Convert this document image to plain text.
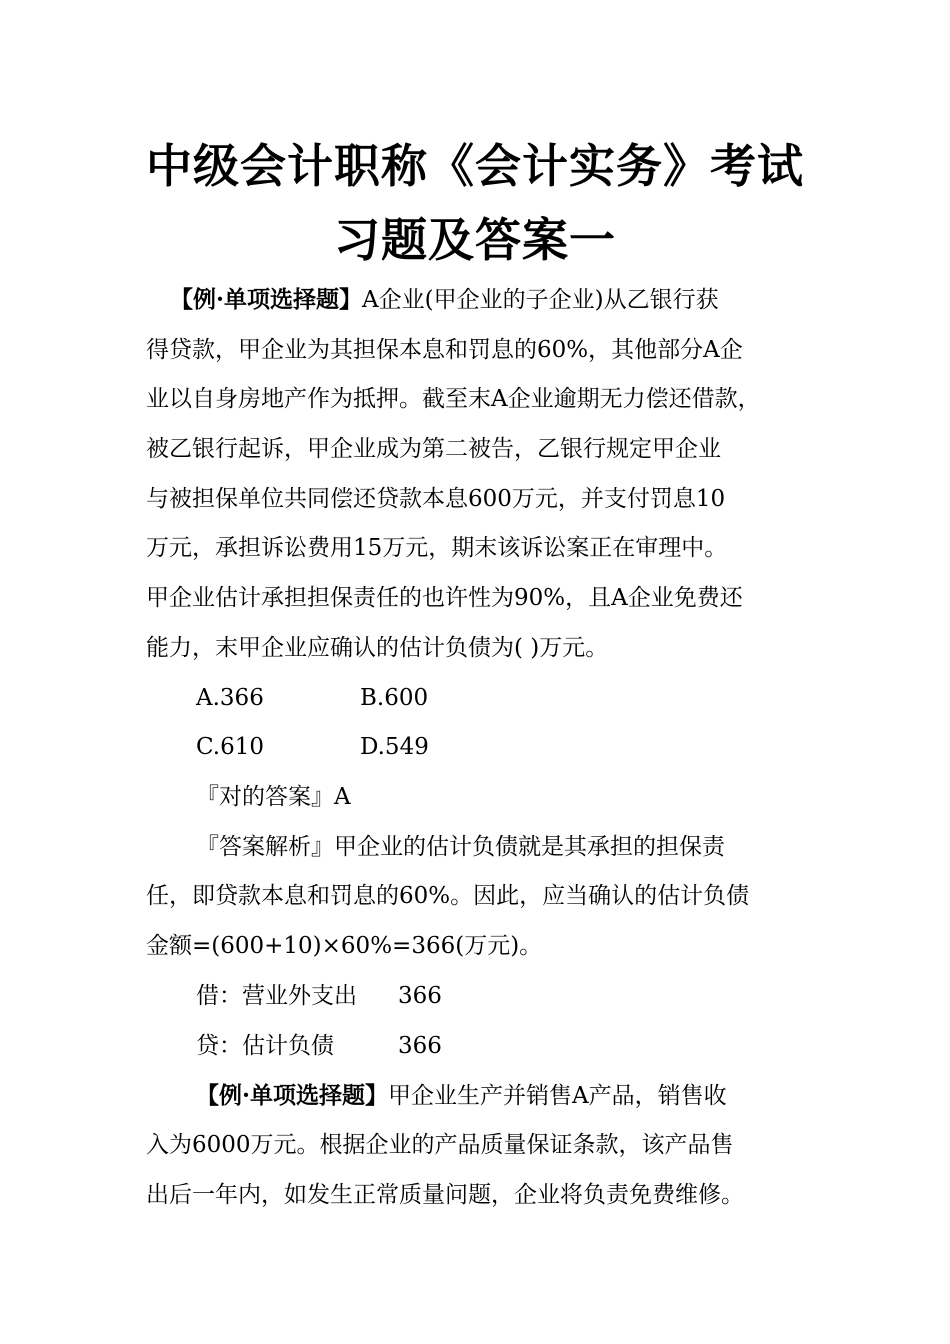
中级会计职称《会计实务》考试
习题及答案一
【例·单项选择题】A企业(甲企业的子企业)从乙银行获
得贷款，甲企业为其担保本息和罚息的60%，其他部分A企
业以自身房地产作为抵押。截至末A企业逾期无力偿还借款，
被乙银行起诉，甲企业成为第二被告，乙银行规定甲企业
与被担保单位共同偿还贷款本息600万元，并支付罚息10
万元，承担诉讼费用15万元，期末该诉讼案正在审理中。
甲企业估计承担担保责任的也许性为90%，且A企业免费还
能力，末甲企业应确认的估计负债为( )万元。
A.366	B.600
C.610	D.549
『对的答案』A
『答案解析』甲企业的估计负债就是其承担的担保责
任，即贷款本息和罚息的60%。因此，应当确认的估计负债
金额=(600+10)×60%=366(万元)。
借：营业外支出 366
贷：估计负债	366
【例·单项选择题】甲企业生产并销售A产品，销售收
入为6000万元。根据企业的产品质量保证条款，该产品售
出后一年内，如发生正常质量问题，企业将负责免费维修。
